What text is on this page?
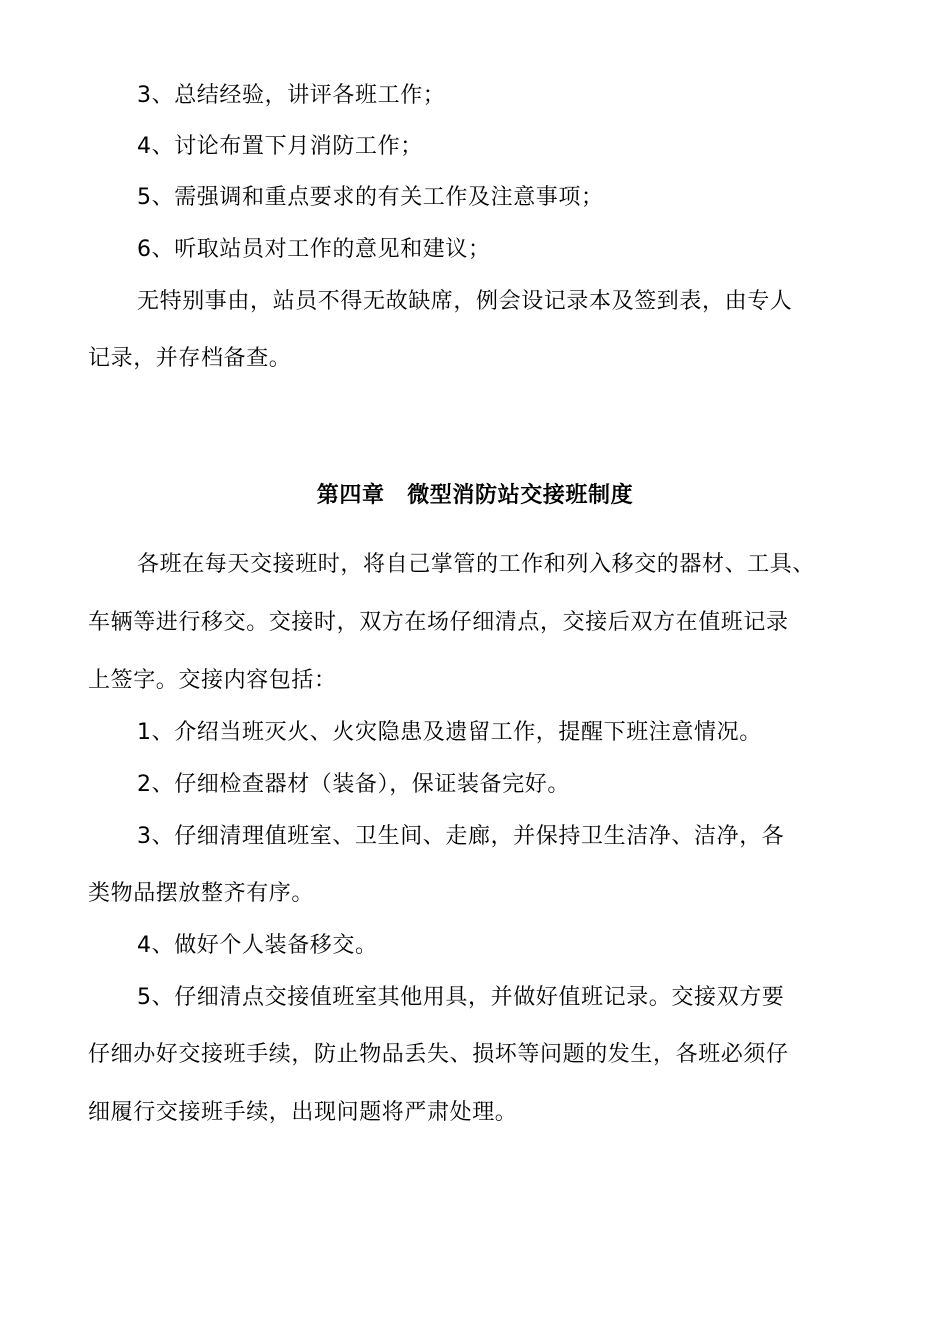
3、总结经验，讲评各班工作；
4、讨论布置下月消防工作；
5、需强调和重点要求的有关工作及注意事项；
6、听取站员对工作的意见和建议；
无特别事由，站员不得无故缺席，例会设记录本及签到表，由专人
记录，并存档备查。
第四章　微型消防站交接班制度
各班在每天交接班时，将自己掌管的工作和列入移交的器材、工具、
车辆等进行移交。交接时，双方在场仔细清点，交接后双方在值班记录
上签字。交接内容包括：
1、介绍当班灭火、火灾隐患及遗留工作，提醒下班注意情况。
2、仔细检查器材（装备），保证装备完好。
3、仔细清理值班室、卫生间、走廊，并保持卫生洁净、洁净，各
类物品摆放整齐有序。
4、做好个人装备移交。
5、仔细清点交接值班室其他用具，并做好值班记录。交接双方要
仔细办好交接班手续，防止物品丢失、损坏等问题的发生，各班必须仔
细履行交接班手续，出现问题将严肃处理。
